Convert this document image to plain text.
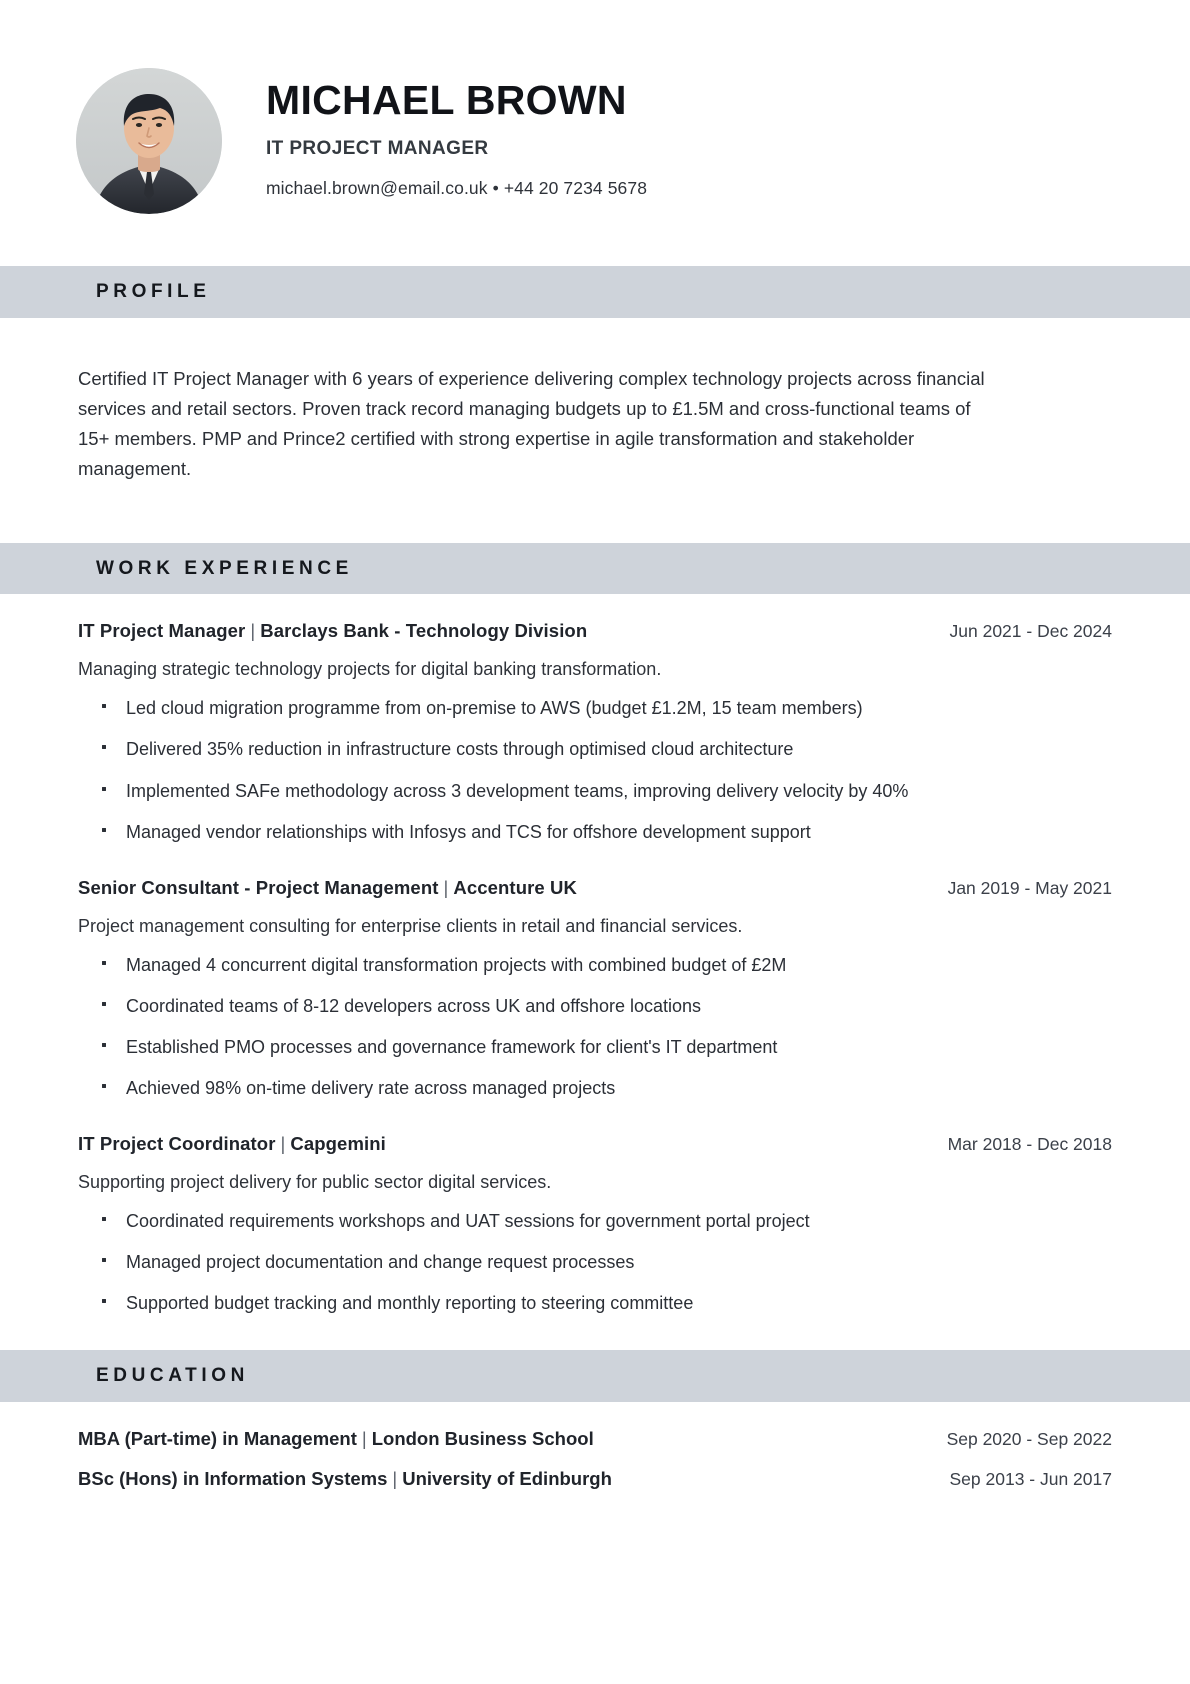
MICHAEL BROWN
IT PROJECT MANAGER
michael.brown@email.co.uk • +44 20 7234 5678
PROFILE

Certified IT Project Manager with 6 years of experience delivering complex technology projects across financial services and retail sectors. Proven track record managing budgets up to £1.5M and cross-functional teams of 15+ members. PMP and Prince2 certified with strong expertise in agile transformation and stakeholder management.

WORK EXPERIENCE
IT Project Manager | Barclays Bank - Technology Division	Jun 2021 - Dec 2024
Managing strategic technology projects for digital banking transformation.
Led cloud migration programme from on-premise to AWS (budget £1.2M, 15 team members)
Delivered 35% reduction in infrastructure costs through optimised cloud architecture
Implemented SAFe methodology across 3 development teams, improving delivery velocity by 40%
Managed vendor relationships with Infosys and TCS for offshore development support
Senior Consultant - Project Management | Accenture UK	Jan 2019 - May 2021
Project management consulting for enterprise clients in retail and financial services.
Managed 4 concurrent digital transformation projects with combined budget of £2M
Coordinated teams of 8-12 developers across UK and offshore locations
Established PMO processes and governance framework for client's IT department
Achieved 98% on-time delivery rate across managed projects
IT Project Coordinator | Capgemini	Mar 2018 - Dec 2018
Supporting project delivery for public sector digital services.
Coordinated requirements workshops and UAT sessions for government portal project
Managed project documentation and change request processes
Supported budget tracking and monthly reporting to steering committee
EDUCATION
MBA (Part-time) in Management | London Business School	Sep 2020 - Sep 2022
BSc (Hons) in Information Systems | University of Edinburgh	Sep 2013 - Jun 2017
